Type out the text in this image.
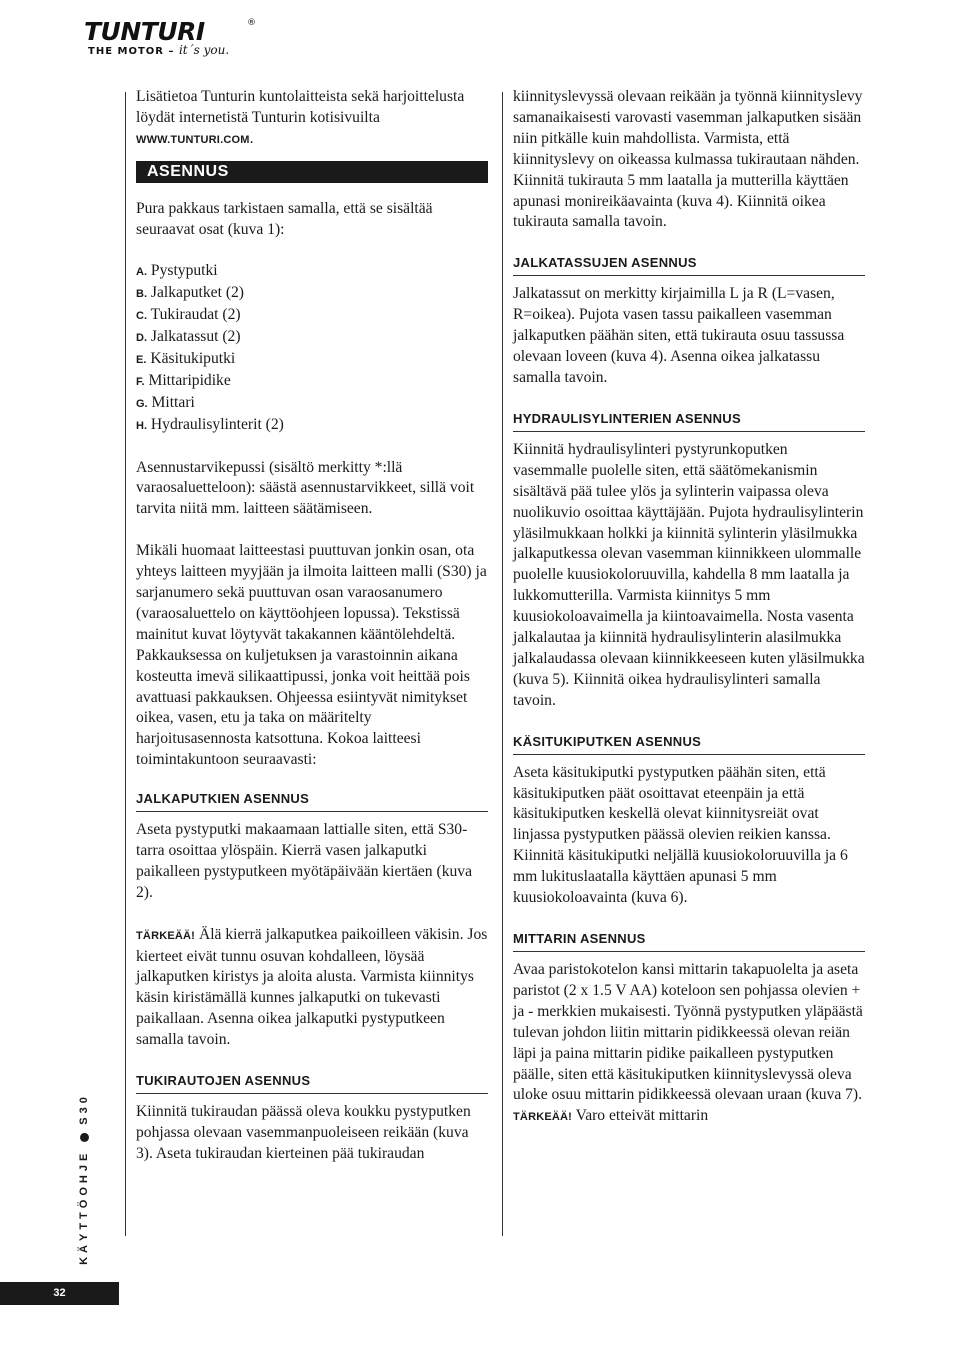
TUNTURI	®
THE MOTOR – it´s you.

Lisätietoa Tunturin kuntolaitteista sekä harjoittelusta löydät internetistä Tunturin kotisivuilta WWW.TUNTURI.COM.

ASENNUS

Pura pakkaus tarkistaen samalla, että se sisältää seuraavat osat (kuva 1):

A. Pystyputki
B. Jalkaputket (2)
C. Tukiraudat (2)
D. Jalkatassut (2)
E. Käsitukiputki
F. Mittaripidike
G. Mittari
H. Hydraulisylinterit (2)

Asennustarvikepussi (sisältö merkitty *:llä varaosaluetteloon): säästä asennustarvikkeet, sillä voit tarvita niitä mm. laitteen säätämiseen.

Mikäli huomaat laitteestasi puuttuvan jonkin osan, ota yhteys laitteen myyjään ja ilmoita laitteen malli (S30) ja sarjanumero sekä puuttuvan osan varaosanumero (varaosaluettelo on käyttöohjeen lopussa). Tekstissä mainitut kuvat löytyvät takakannen kääntölehdeltä. Pakkauksessa on kuljetuksen ja varastoinnin aikana kosteutta imevä silikaattipussi, jonka voit heittää pois avattuasi pakkauksen. Ohjeessa esiintyvät nimitykset oikea, vasen, etu ja taka on määritelty harjoitusasennosta katsottuna. Kokoa laitteesi toimintakuntoon seuraavasti:

JALKAPUTKIEN ASENNUS

Aseta pystyputki makaamaan lattialle siten, että S30-tarra osoittaa ylöspäin. Kierrä vasen jalkaputki paikalleen pystyputkeen myötäpäivään kiertäen (kuva 2).

TÄRKEÄÄ! Älä kierrä jalkaputkea paikoilleen väkisin. Jos kierteet eivät tunnu osuvan kohdalleen, löysää jalkaputken kiristys ja aloita alusta. Varmista kiinnitys käsin kiristämällä kunnes jalkaputki on tukevasti paikallaan. Asenna oikea jalkaputki pystyputkeen samalla tavoin.

TUKIRAUTOJEN ASENNUS

Kiinnitä tukiraudan päässä oleva koukku pystyputken pohjassa olevaan vasemmanpuoleiseen reikään (kuva 3). Aseta tukiraudan kierteinen pää tukiraudan

kiinnityslevyssä olevaan reikään ja työnnä kiinnityslevy samanaikaisesti varovasti vasemman jalkaputken sisään niin pitkälle kuin mahdollista. Varmista, että kiinnityslevy on oikeassa kulmassa tukirautaan nähden. Kiinnitä tukirauta 5 mm laatalla ja mutterilla käyttäen apunasi monireikäavainta (kuva 4). Kiinnitä oikea tukirauta samalla tavoin.

JALKATASSUJEN ASENNUS

Jalkatassut on merkitty kirjaimilla L ja R (L=vasen, R=oikea). Pujota vasen tassu paikalleen vasemman jalkaputken päähän siten, että tukirauta osuu tassussa olevaan loveen (kuva 4). Asenna oikea jalkatassu samalla tavoin.

HYDRAULISYLINTERIEN ASENNUS

Kiinnitä hydraulisylinteri pystyrunkoputken vasemmalle puolelle siten, että säätömekanismin sisältävä pää tulee ylös ja sylinterin vaipassa oleva nuolikuvio osoittaa käyttäjään. Pujota hydraulisylinterin yläsilmukkaan holkki ja kiinnitä sylinterin yläsilmukka jalkaputkessa olevan vasemman kiinnikkeen ulommalle puolelle kuusiokoloruuvilla, kahdella 8 mm laatalla ja lukkomutterilla. Varmista kiinnitys 5 mm kuusiokoloavaimella ja kiintoavaimella. Nosta vasenta jalkalautaa ja kiinnitä hydraulisylinterin alasilmukka jalkalaudassa olevaan kiinnikkeeseen kuten yläsilmukka (kuva 5). Kiinnitä oikea hydraulisylinteri samalla tavoin.

KÄSITUKIPUTKEN ASENNUS

Aseta käsitukiputki pystyputken päähän siten, että käsitukiputken päät osoittavat eteenpäin ja että käsitukiputken keskellä olevat kiinnitysreiät ovat linjassa pystyputken päässä olevien reikien kanssa. Kiinnitä käsitukiputki neljällä kuusiokoloruuvilla ja 6 mm lukituslaatalla käyttäen apunasi 5 mm kuusiokoloavainta (kuva 6).

MITTARIN ASENNUS

Avaa paristokotelon kansi mittarin takapuolelta ja aseta paristot (2 x 1.5 V AA) koteloon sen pohjassa olevien + ja - merkkien mukaisesti. Työnnä pystyputken yläpäästä tulevan johdon liitin mittarin pidikkeessä olevan reiän läpi ja paina mittarin pidike paikalleen pystyputken päälle, siten että käsitukiputken kiinnityslevyssä oleva uloke osuu mittarin pidikkeessä olevaan uraan (kuva 7). TÄRKEÄÄ! Varo etteivät mittarin

KÄYTTÖOHJES30
32
